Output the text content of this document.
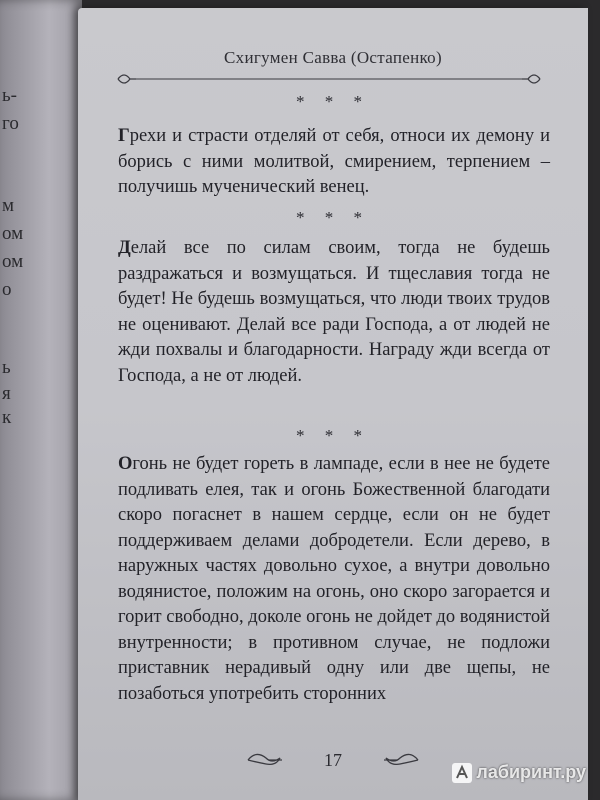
ь-
го
м
ом
ом
о
ь
я
к
Схигумен Савва (Остапенко)
* * *
Грехи и страсти отделяй от себя, относи их демону и борись с ними молитвой, смирением, терпением – получишь мученический венец.
* * *
Делай все по силам своим, тогда не будешь раздражаться и возмущаться. И тщеславия тогда не будет! Не будешь возмущаться, что люди твоих трудов не оценивают. Делай все ради Господа, а от людей не жди похвалы и благодарности. Награду жди всегда от Господа, а не от людей.
* * *
Огонь не будет гореть в лампаде, если в нее не будете подливать елея, так и огонь Божественной благодати скоро погаснет в нашем сердце, если он не будет поддерживаем делами добродетели. Если дерево, в наружных частях довольно сухое, а внутри довольно водянистое, положим на огонь, оно скоро загорается и горит свободно, доколе огонь не дойдет до водянистой внутренности; в противном случае, не подложи приставник нерадивый одну или две щепы, не позаботься употребить сторонних
17
лабиринт.ру
